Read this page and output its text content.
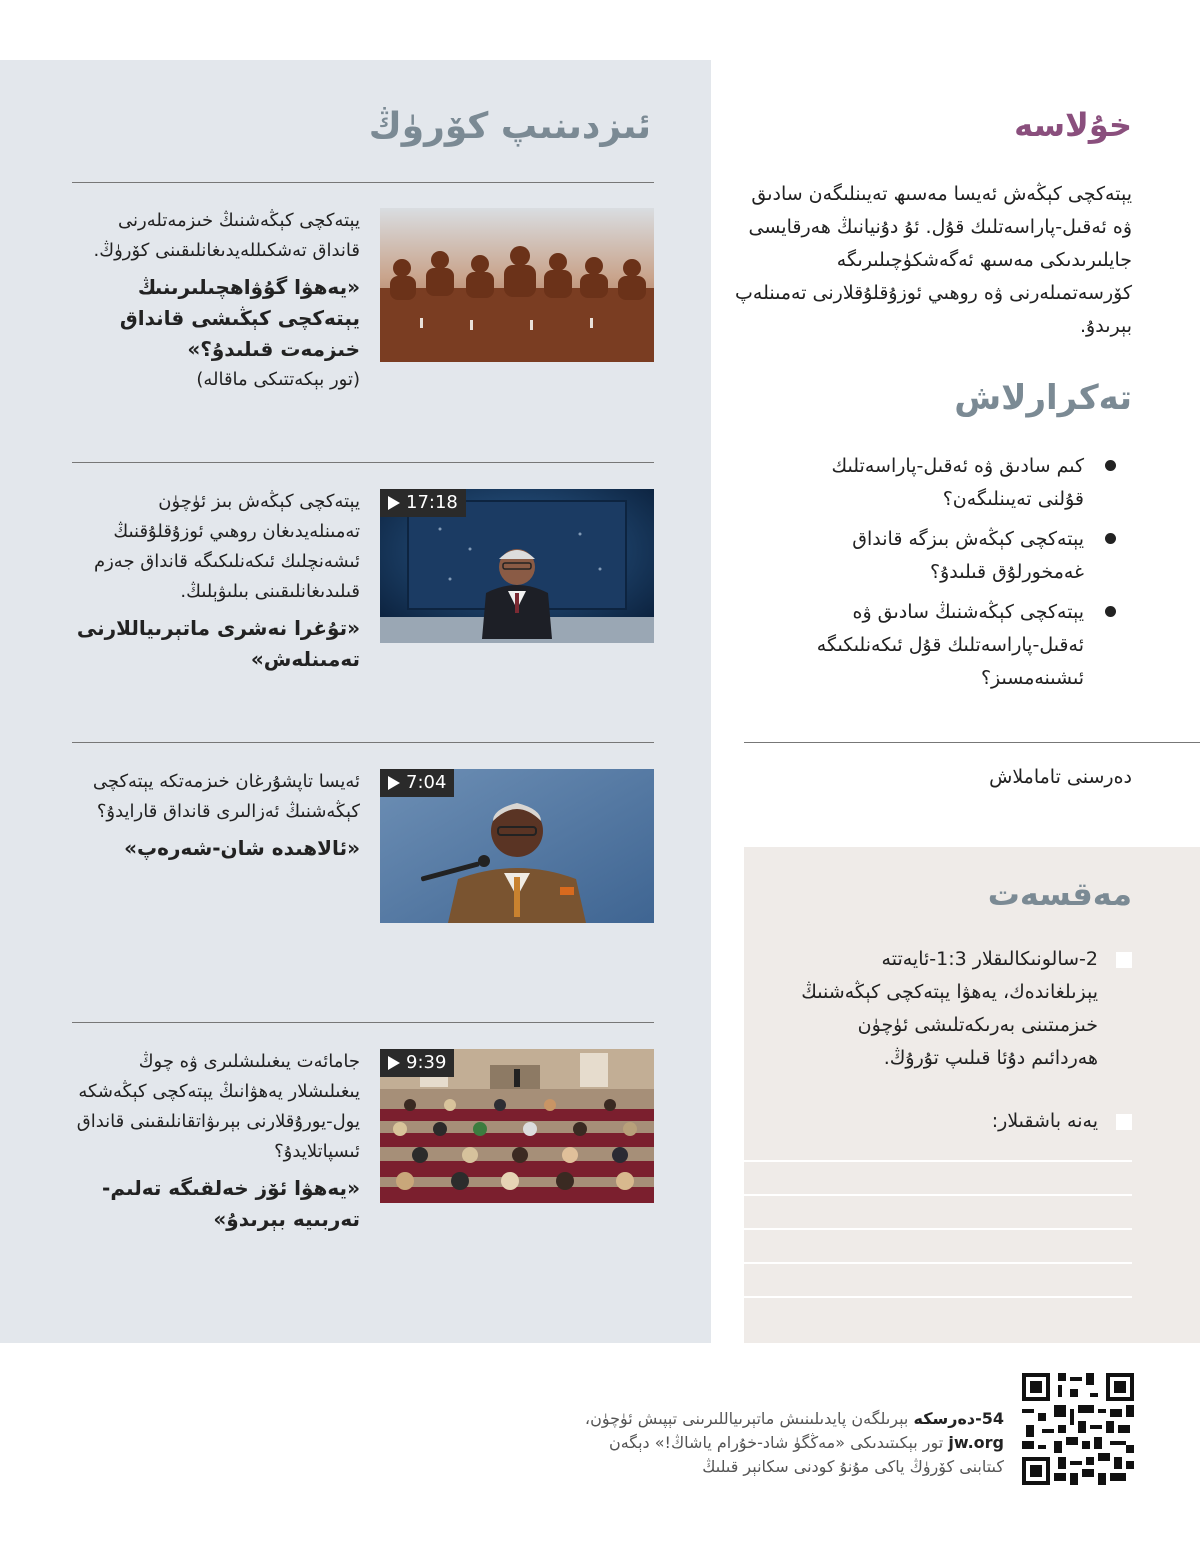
خۇلاسە

يېتەكچى كېڭەش ئەيسا مەسىھ تەيىنلىگەن سادىق ۋە ئەقىل-پاراسەتلىك قۇل. ئۇ دۇنيانىڭ ھەرقايسى جايلىرىدىكى مەسىھ ئەگەشكۈچىلىرىگە كۆرسەتمىلەرنى ۋە روھىي ئوزۇقلۇقلارنى تەمىنلەپ بېرىدۇ.

تەكرارلاش
كىم سادىق ۋە ئەقىل-پاراسەتلىك قۇلنى تەيىنلىگەن؟
يېتەكچى كېڭەش بىزگە قانداق غەمخورلۇق قىلىدۇ؟
يېتەكچى كېڭەشنىڭ سادىق ۋە ئەقىل-پاراسەتلىك قۇل ئىكەنلىكىگە ئىشىنەمسىز؟
دەرسنى تاماملاش
مەقسەت
2-سالونىكالىقلار 1:3-ئايەتتە يېزىلغاندەك، يەھۋا يېتەكچى كېڭەشنىڭ خىزمىتىنى بەرىكەتلىشى ئۈچۈن ھەردائىم دۇئا قىلىپ تۇرۇڭ.
يەنە باشقىلار:
ئىزدىنىپ كۆرۈڭ
يېتەكچى كېڭەشنىڭ خىزمەتلەرنى قانداق تەشكىللەيدىغانلىقىنى كۆرۈڭ.
«يەھۋا گۇۋاھچىلىرىنىڭ يېتەكچى كېڭىشى قانداق خىزمەت قىلىدۇ؟»
(تور بېكەتتىكى ماقالە)
17:18
يېتەكچى كېڭەش بىز ئۈچۈن تەمىنلەيدىغان روھىي ئوزۇقلۇقنىڭ ئىشەنچلىك ئىكەنلىكىگە قانداق جەزم قىلىدىغانلىقىنى بىلىۋېلىڭ.
«تۇغرا نەشرى ماتېرىياللارنى تەمىنلەش»
7:04
ئەيسا تاپشۇرغان خىزمەتكە يېتەكچى كېڭەشنىڭ ئەزالىرى قانداق قارايدۇ؟
«ئالاھىدە شان-شەرەپ»
9:39
جامائەت يىغىلىشلىرى ۋە چوڭ يىغىلىشلار يەھۋانىڭ يېتەكچى كېڭەشكە يول-يورۇقلارنى بېرىۋاتقانلىقىنى قانداق ئىسپاتلايدۇ؟
«يەھۋا ئۆز خەلقىگە تەلىم-تەربىيە بېرىدۇ»
54-دەرسكە بېرىلگەن پايدىلىنىش ماتېرىياللىرىنى تېپىش ئۈچۈن،
jw.org تور بېكىتىدىكى «مەڭگۈ شاد-خۇرام ياشاڭ!» دېگەن
كىتابنى كۆرۈڭ ياكى مۇنۇ كودنى سكانېر قىلىڭ
